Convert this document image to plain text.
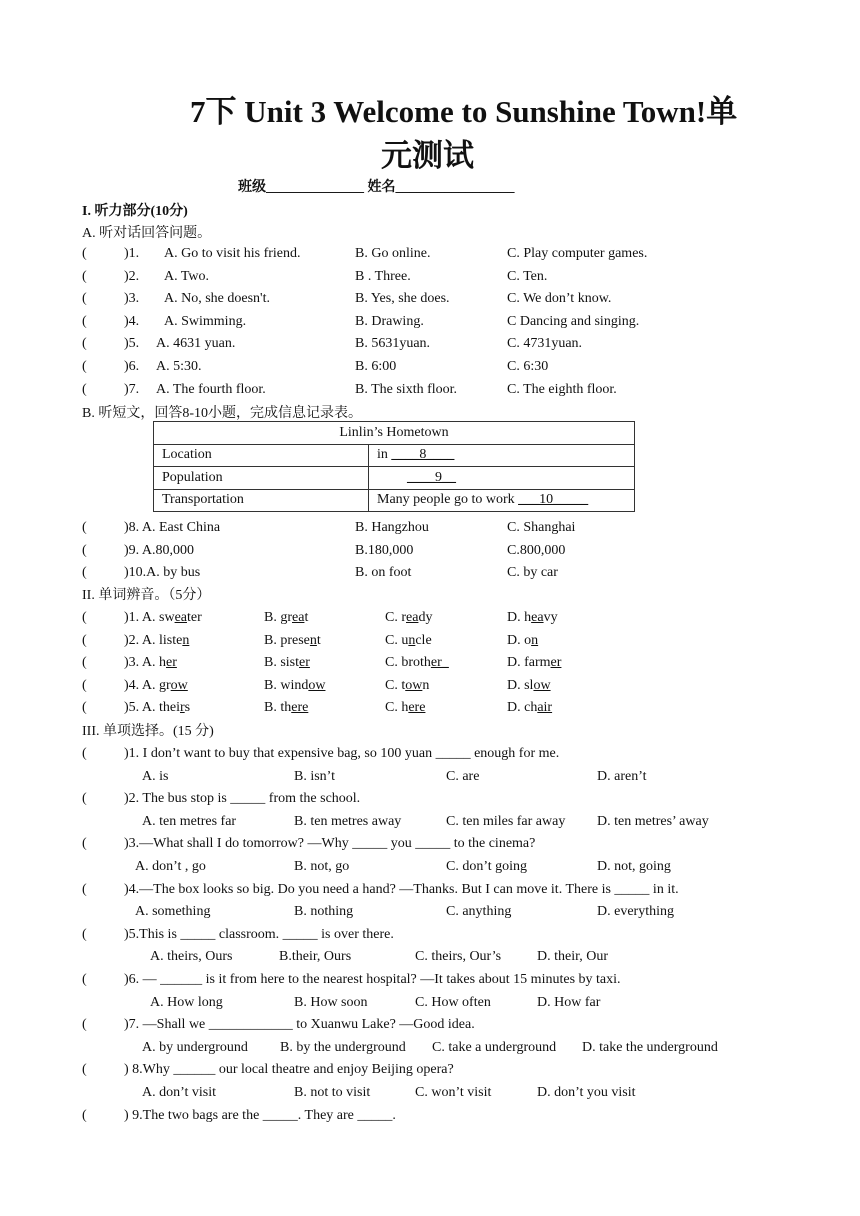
7下 Unit 3 Welcome to Sunshine Town!单
元测试
班级______________ 姓名_________________
I. 听力部分(10分)
A. 听对话回答问题。
(	)1. A. Go to visit his friend.	B. Go online.	C. Play computer games.
(	)2. A. Two.	B . Three.	C. Ten.
(	)3. A. No, she doesn't.	B. Yes, she does.	C. We don’t know.
(	)4. A. Swimming.	B. Drawing.	C Dancing and singing.
(	)5. A. 4631 yuan.	B. 5631yuan.	C. 4731yuan.
(	)6. A. 5:30.	B. 6:00	C. 6:30
(	)7. A. The fourth floor.	B. The sixth floor.	C. The eighth floor.
B. 听短文，回答8-10小题，完成信息记录表。
Linlin’s Hometown	
Location	in ____8____
Population	____9__
Transportation	Many people go to work ___10_____
(	)8. A. East China	B. Hangzhou	C. Shanghai
(	)9. A.80,000	B.180,000	C.800,000
(	)10.A. by bus	B. on foot	C. by car
II. 单词辨音。（5分）
(	)1. A. sweater	B. great	C. ready	D. heavy
(	)2. A. listen	B. present	C. uncle	D. on
(	)3. A. her	B. sister	C. brother_	D. farmer
(	)4. A. grow	B. window	C. town	D. slow
(	)5. A. theirs	B. there	C. here	D. chair
III. 单项选择。(15 分)
(	)1. I don’t want to buy that expensive bag, so 100 yuan _____ enough for me.
A. is	B. isn’t	C. are	D. aren’t
(	)2. The bus stop is _____ from the school.
A. ten metres far	B. ten metres away	C. ten miles far away D. ten metres’ away
(	)3.—What shall I do tomorrow? —Why _____ you _____ to the cinema?
A. don’t , go	B. not, go	C. don’t going	D. not, going
(	)4.—The box looks so big. Do you need a hand? —Thanks. But I can move it. There is _____ in it.
A. something	B. nothing	C. anything	D. everything
(	)5.This is _____ classroom. _____ is over there.
A. theirs, Ours	B.their, Ours	C. theirs, Our’s	D. their, Our
(	)6. — ______ is it from here to the nearest hospital? —It takes about 15 minutes by taxi.
A. How long	B. How soon	C. How often	D. How far
(	)7. —Shall we ____________ to Xuanwu Lake? —Good idea.
A. by underground B. by the underground C. take a underground D. take the underground
(	) 8.Why ______ our local theatre and enjoy Beijing opera?
A. don’t visit	B. not to visit	C. won’t visit	D. don’t you visit
(	) 9.The two bags are the _____. They are _____.
